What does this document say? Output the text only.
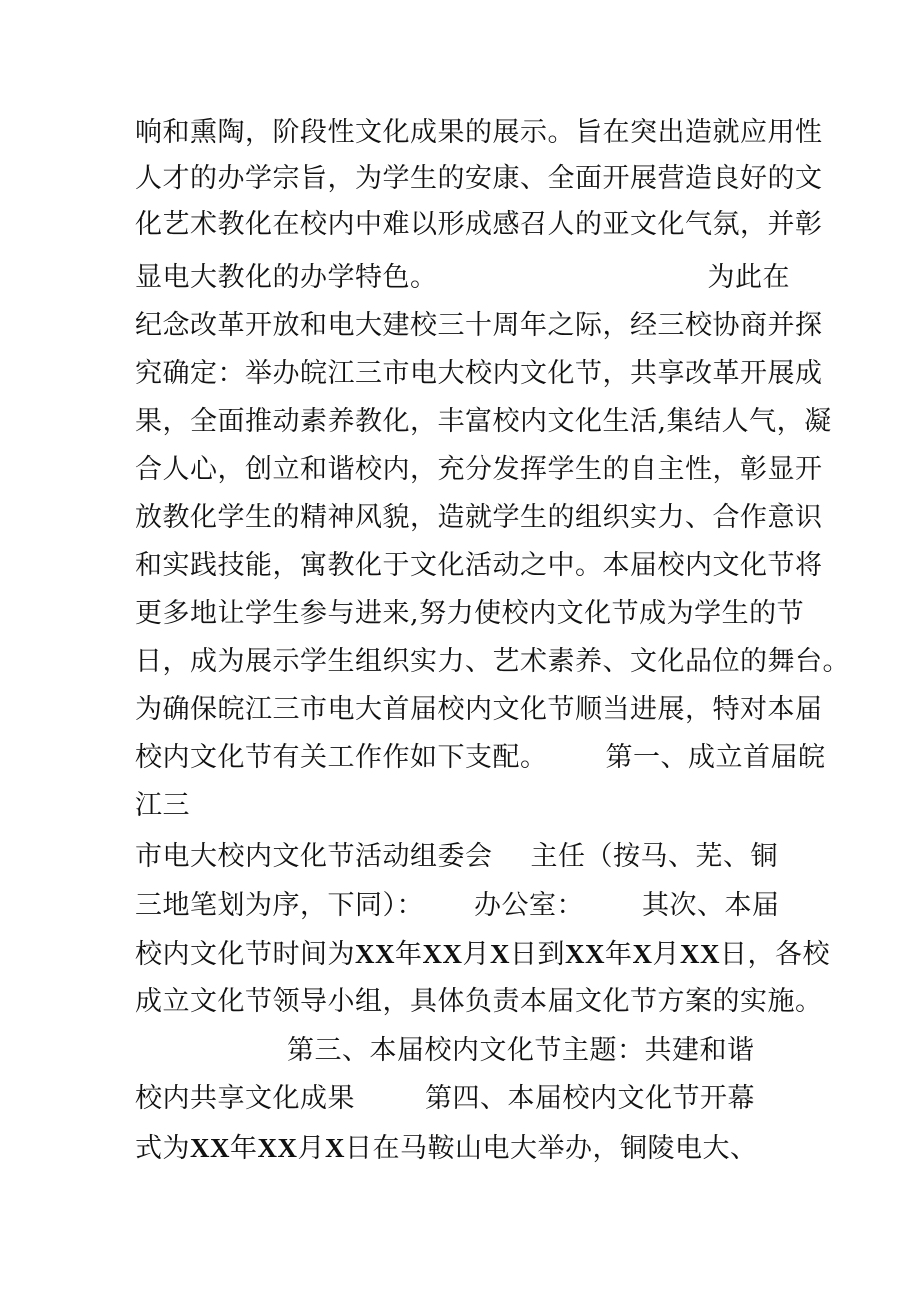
响和熏陶，阶段性文化成果的展示。旨在突出造就应用性
人才的办学宗旨，为学生的安康、全面开展营造良好的文
化艺术教化在校内中难以形成感召人的亚文化气氛，并彰
显电大教化的办学特色。	为此在
纪念改革开放和电大建校三十周年之际，经三校协商并探
究确定：举办皖江三市电大校内文化节，共享改革开展成
果，全面推动素养教化，丰富校内文化生活,集结人气，凝
合人心，创立和谐校内，充分发挥学生的自主性，彰显开
放教化学生的精神风貌，造就学生的组织实力、合作意识
和实践技能，寓教化于文化活动之中。本届校内文化节将
更多地让学生参与进来,努力使校内文化节成为学生的节
日，成为展示学生组织实力、艺术素养、文化品位的舞台。
为确保皖江三市电大首届校内文化节顺当进展，特对本届
校内文化节有关工作作如下支配。 第一、成立首届皖
江三
市电大校内文化节活动组委会 主任（按马、芜、铜
三地笔划为序，下同）： 办公室： 其次、本届
校内文化节时间为XX年XX月X日到XX年X月XX日，各校
成立文化节领导小组，具体负责本届文化节方案的实施。
第三、本届校内文化节主题：共建和谐
校内共享文化成果	第四、本届校内文化节开幕
式为XX年XX月X日在马鞍山电大举办，铜陵电大、
